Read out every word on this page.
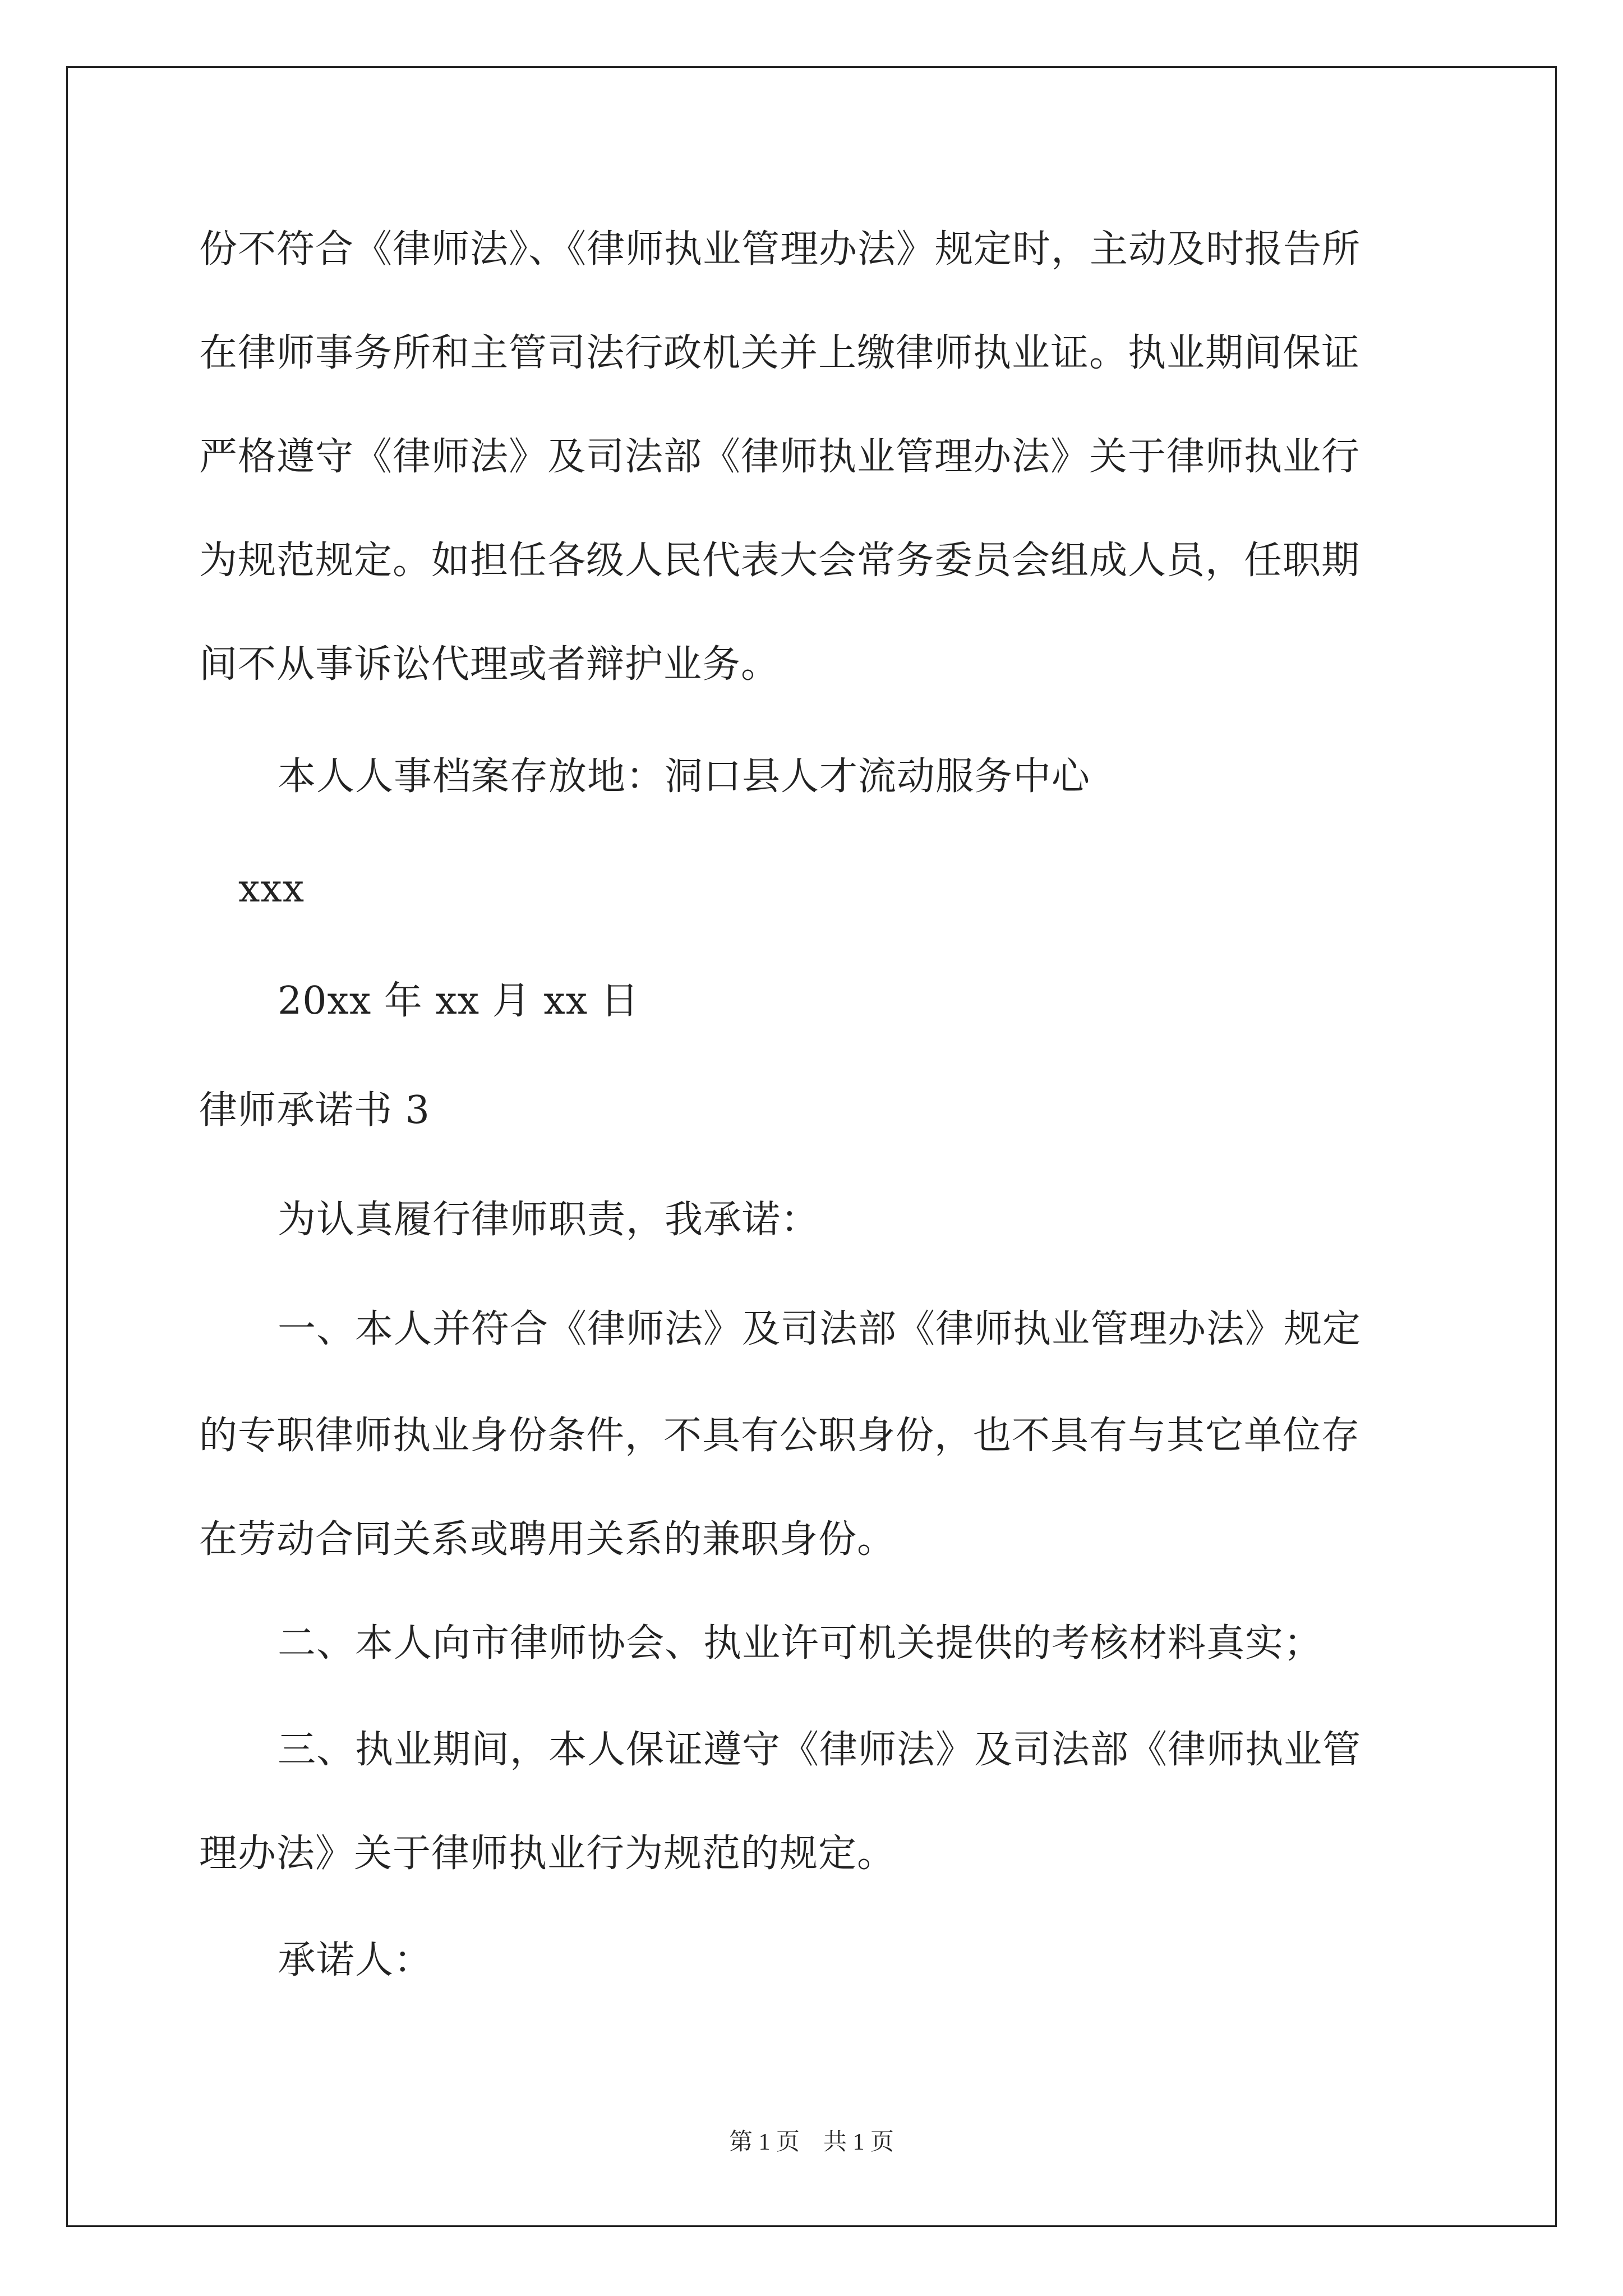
份不符合《律师法》、《律师执业管理办法》规定时，主动及时报告所
在律师事务所和主管司法行政机关并上缴律师执业证。执业期间保证
严格遵守《律师法》及司法部《律师执业管理办法》关于律师执业行
为规范规定。如担任各级人民代表大会常务委员会组成人员，任职期
间不从事诉讼代理或者辩护业务。
本人人事档案存放地：洞口县人才流动服务中心
xxx
20xx 年 xx 月 xx 日
律师承诺书 3
为认真履行律师职责，我承诺：
一、本人并符合《律师法》及司法部《律师执业管理办法》规定
的专职律师执业身份条件，不具有公职身份，也不具有与其它单位存
在劳动合同关系或聘用关系的兼职身份。
二、本人向市律师协会、执业许可机关提供的考核材料真实；
三、执业期间，本人保证遵守《律师法》及司法部《律师执业管
理办法》关于律师执业行为规范的规定。
承诺人：
第 1 页　共 1 页
